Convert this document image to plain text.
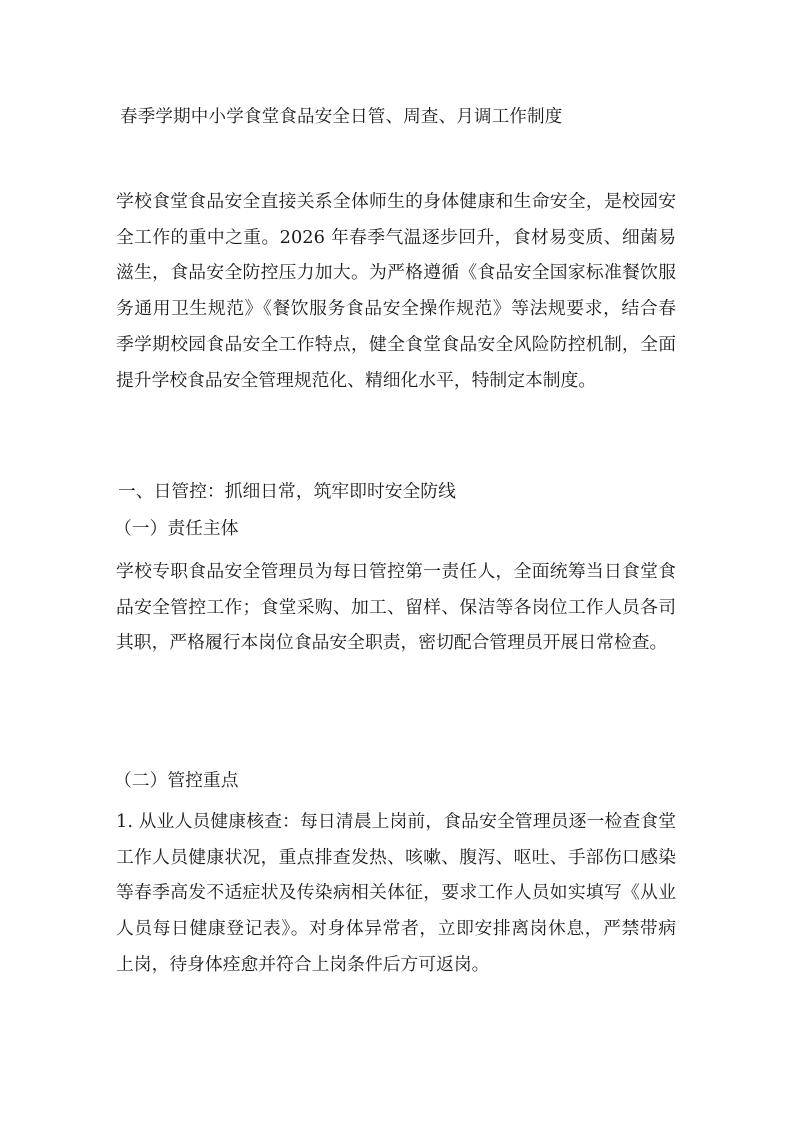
春季学期中小学食堂食品安全日管、周查、月调工作制度
学校食堂食品安全直接关系全体师生的身体健康和生命安全，是校园安全工作的重中之重。2026 年春季气温逐步回升，食材易变质、细菌易滋生，食品安全防控压力加大。为严格遵循《食品安全国家标准餐饮服务通用卫生规范》《餐饮服务食品安全操作规范》等法规要求，结合春季学期校园食品安全工作特点，健全食堂食品安全风险防控机制，全面提升学校食品安全管理规范化、精细化水平，特制定本制度。
一、日管控：抓细日常，筑牢即时安全防线
（一）责任主体
学校专职食品安全管理员为每日管控第一责任人，全面统筹当日食堂食品安全管控工作；食堂采购、加工、留样、保洁等各岗位工作人员各司其职，严格履行本岗位食品安全职责，密切配合管理员开展日常检查。
（二）管控重点
1. 从业人员健康核查：每日清晨上岗前，食品安全管理员逐一检查食堂工作人员健康状况，重点排查发热、咳嗽、腹泻、呕吐、手部伤口感染等春季高发不适症状及传染病相关体征，要求工作人员如实填写《从业人员每日健康登记表》。对身体异常者，立即安排离岗休息，严禁带病上岗，待身体痊愈并符合上岗条件后方可返岗。
